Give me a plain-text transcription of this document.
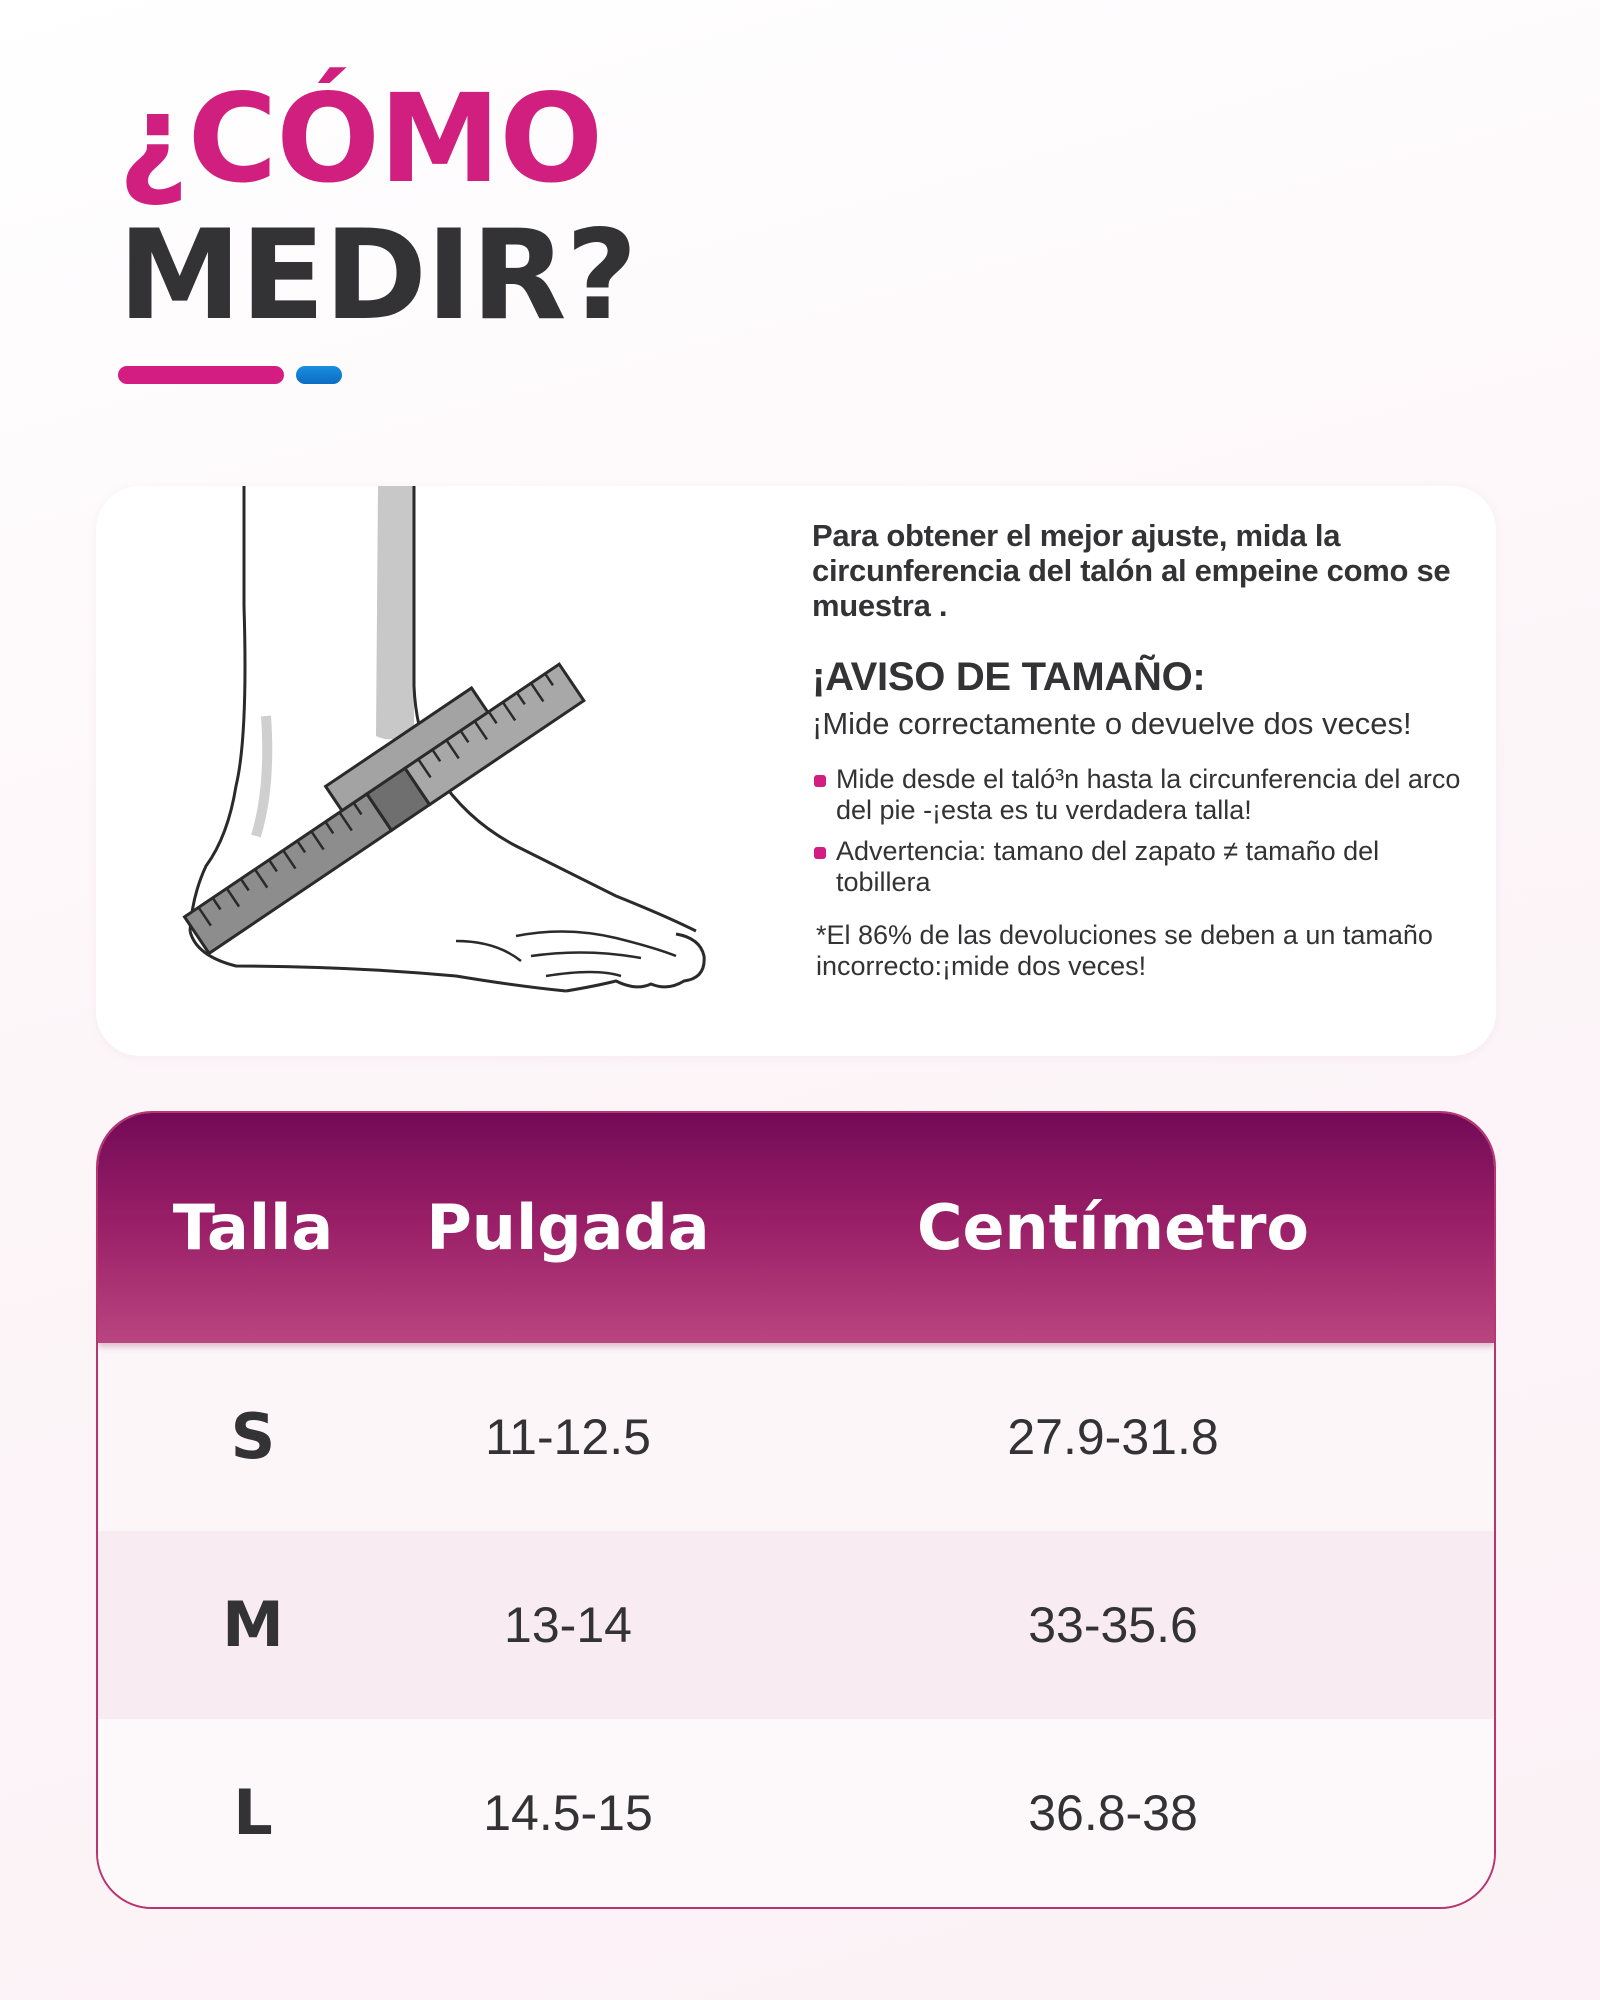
¿CÓMO
MEDIR?

Para obtener el mejor ajuste, mida la circunferencia del talón al empeine como se muestra .

¡AVISO DE TAMAÑO:

¡Mide correctamente o devuelve dos veces!

Mide desde el taló³n hasta la circunferencia del arco del pie -¡esta es tu verdadera talla!
Advertencia: tamano del zapato ≠ tamaño del tobillera

*El 86% de las devoluciones se deben a un tamaño incorrecto:¡mide dos veces!

Talla	Pulgada	Centímetro
S	11-12.5	27.9-31.8
M	13-14	33-35.6
L	14.5-15	36.8-38
